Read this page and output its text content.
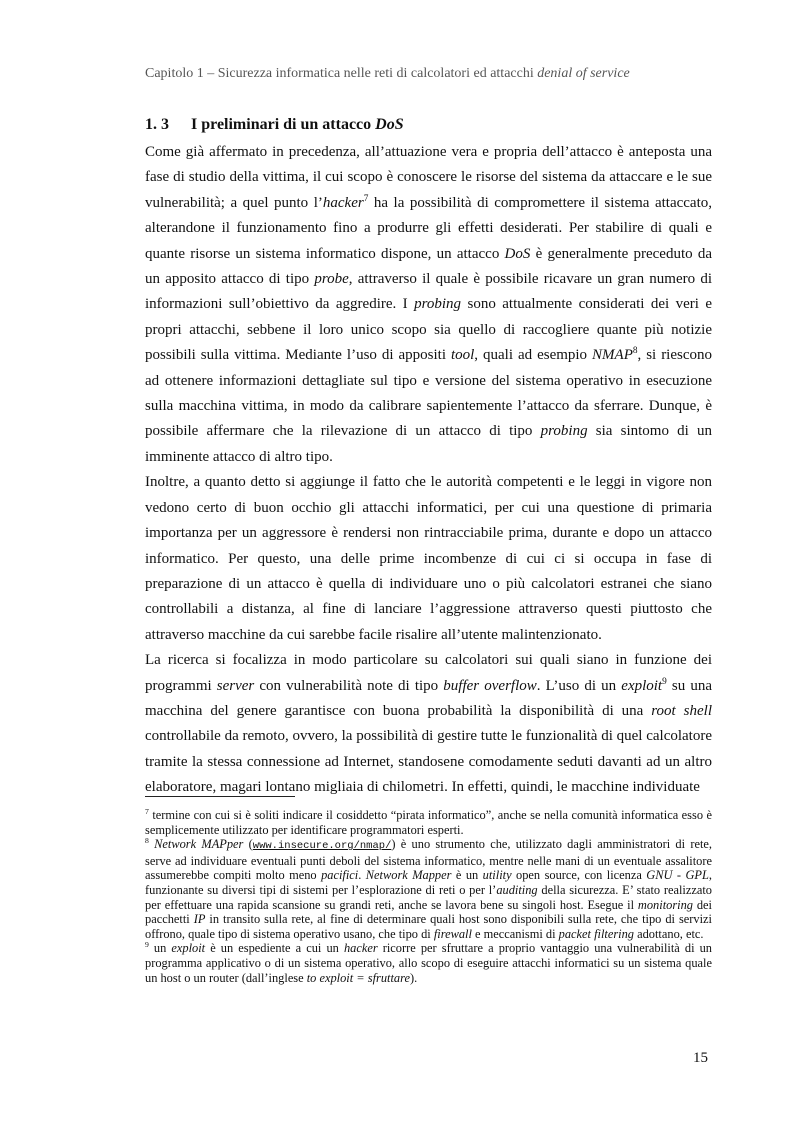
Capitolo 1 – Sicurezza informatica nelle reti di calcolatori ed attacchi denial of service
1. 3 I preliminari di un attacco DoS

Come già affermato in precedenza, all’attuazione vera e propria dell’attacco è anteposta una fase di studio della vittima, il cui scopo è conoscere le risorse del sistema da attaccare e le sue vulnerabilità; a quel punto l’hacker$^7$ ha la possibilità di compromettere il sistema attaccato, alterandone il funzionamento fino a produrre gli effetti desiderati. Per stabilire di quali e quante risorse un sistema informatico dispone, un attacco DoS è generalmente preceduto da un apposito attacco di tipo probe, attraverso il quale è possibile ricavare un gran numero di informazioni sull’obiettivo da aggredire. I probing sono attualmente considerati dei veri e propri attacchi, sebbene il loro unico scopo sia quello di raccogliere quante più notizie possibili sulla vittima. Mediante l’uso di appositi tool, quali ad esempio NMAP$^8$, si riescono ad ottenere informazioni dettagliate sul tipo e versione del sistema operativo in esecuzione sulla macchina vittima, in modo da calibrare sapientemente l’attacco da sferrare. Dunque, è possibile affermare che la rilevazione di un attacco di tipo probing sia sintomo di un imminente attacco di altro tipo.

Inoltre, a quanto detto si aggiunge il fatto che le autorità competenti e le leggi in vigore non vedono certo di buon occhio gli attacchi informatici, per cui una questione di primaria importanza per un aggressore è rendersi non rintracciabile prima, durante e dopo un attacco informatico. Per questo, una delle prime incombenze di cui ci si occupa in fase di preparazione di un attacco è quella di individuare uno o più calcolatori estranei che siano controllabili a distanza, al fine di lanciare l’aggressione attraverso questi piuttosto che attraverso macchine da cui sarebbe facile risalire all’utente malintenzionato.

La ricerca si focalizza in modo particolare su calcolatori sui quali siano in funzione dei programmi server con vulnerabilità note di tipo buffer overflow. L’uso di un exploit$^9$ su una macchina del genere garantisce con buona probabilità la disponibilità di una root shell controllabile da remoto, ovvero, la possibilità di gestire tutte le funzionalità di quel calcolatore tramite la stessa connessione ad Internet, standosene comodamente seduti davanti ad un altro elaboratore, magari lontano migliaia di chilometri. In effetti, quindi, le macchine individuate

$^7$ termine con cui si è soliti indicare il cosiddetto “pirata informatico”, anche se nella comunità informatica esso è semplicemente utilizzato per identificare programmatori esperti.

$^8$ Network MAPper (www.insecure.org/nmap/) è uno strumento che, utilizzato dagli amministratori di rete, serve ad individuare eventuali punti deboli del sistema informatico, mentre nelle mani di un eventuale assalitore assumerebbe compiti molto meno pacifici. Network Mapper è un utility open source, con licenza GNU - GPL, funzionante su diversi tipi di sistemi per l’esplorazione di reti o per l’auditing della sicurezza. E’ stato realizzato per effettuare una rapida scansione su grandi reti, anche se lavora bene su singoli host. Esegue il monitoring dei pacchetti IP in transito sulla rete, al fine di determinare quali host sono disponibili sulla rete, che tipo di servizi offrono, quale tipo di sistema operativo usano, che tipo di firewall e meccanismi di packet filtering adottano, etc.

$^9$ un exploit è un espediente a cui un hacker ricorre per sfruttare a proprio vantaggio una vulnerabilità di un programma applicativo o di un sistema operativo, allo scopo di eseguire attacchi informatici su un sistema quale un host o un router (dall’inglese to exploit = sfruttare).

15
